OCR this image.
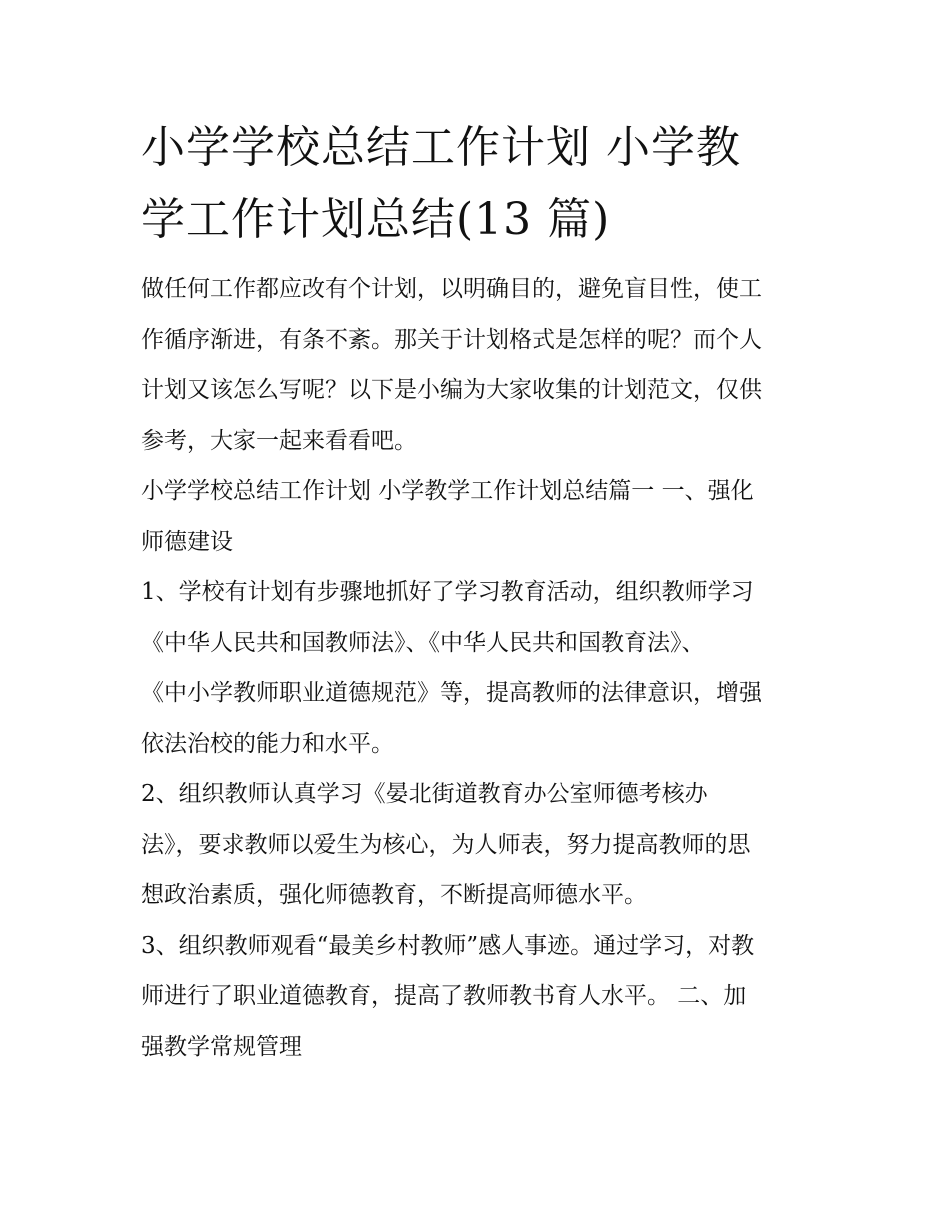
小学学校总结工作计划 小学教
学工作计划总结(13 篇)

做任何工作都应改有个计划，以明确目的，避免盲目性，使工
作循序渐进，有条不紊。那关于计划格式是怎样的呢？而个人
计划又该怎么写呢？以下是小编为大家收集的计划范文，仅供
参考，大家一起来看看吧。

小学学校总结工作计划 小学教学工作计划总结篇一 一、强化
师德建设

1、学校有计划有步骤地抓好了学习教育活动，组织教师学习
《中华人民共和国教师法》、《中华人民共和国教育法》、
《中小学教师职业道德规范》等，提高教师的法律意识，增强
依法治校的能力和水平。

2、组织教师认真学习《晏北街道教育办公室师德考核办
法》，要求教师以爱生为核心，为人师表，努力提高教师的思
想政治素质，强化师德教育，不断提高师德水平。

3、组织教师观看“最美乡村教师”感人事迹。通过学习，对教
师进行了职业道德教育，提高了教师教书育人水平。 二、加
强教学常规管理
